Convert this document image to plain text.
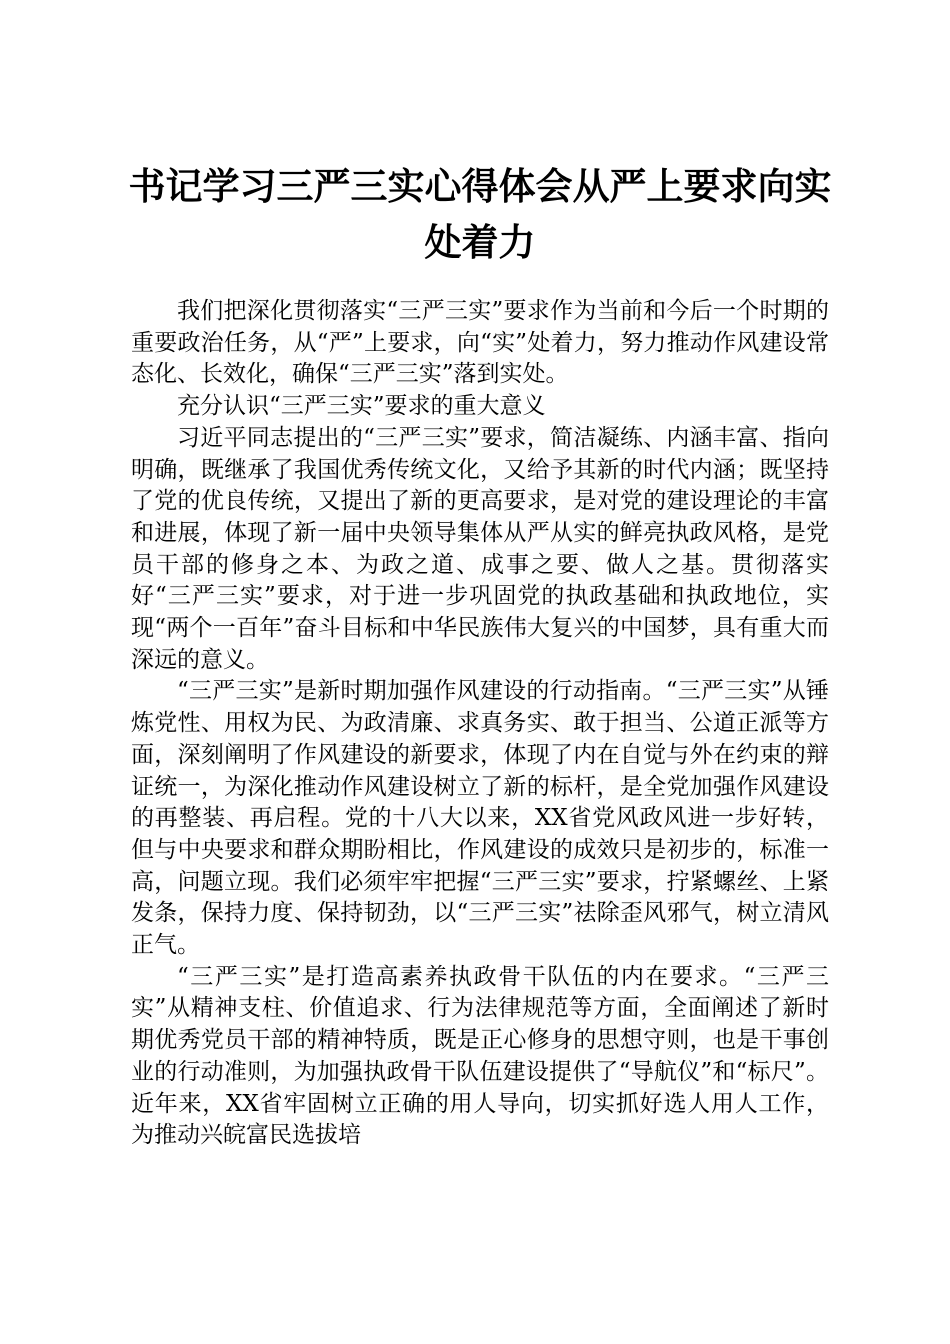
书记学习三严三实心得体会从严上要求向实处着力

我们把深化贯彻落实“三严三实”要求作为当前和今后一个时期的重要政治任务，从“严”上要求，向“实”处着力，努力推动作风建设常态化、长效化，确保“三严三实”落到实处。

充分认识“三严三实”要求的重大意义

习近平同志提出的“三严三实”要求，简洁凝练、内涵丰富、指向明确，既继承了我国优秀传统文化，又给予其新的时代内涵；既坚持了党的优良传统，又提出了新的更高要求，是对党的建设理论的丰富和进展，体现了新一届中央领导集体从严从实的鲜亮执政风格，是党员干部的修身之本、为政之道、成事之要、做人之基。贯彻落实好“三严三实”要求，对于进一步巩固党的执政基础和执政地位，实现“两个一百年”奋斗目标和中华民族伟大复兴的中国梦，具有重大而深远的意义。

“三严三实”是新时期加强作风建设的行动指南。“三严三实”从锤炼党性、用权为民、为政清廉、求真务实、敢于担当、公道正派等方面，深刻阐明了作风建设的新要求，体现了内在自觉与外在约束的辩证统一，为深化推动作风建设树立了新的标杆，是全党加强作风建设的再整装、再启程。党的十八大以来，XX省党风政风进一步好转，但与中央要求和群众期盼相比，作风建设的成效只是初步的，标准一高，问题立现。我们必须牢牢把握“三严三实”要求，拧紧螺丝、上紧发条，保持力度、保持韧劲，以“三严三实”祛除歪风邪气，树立清风正气。

“三严三实”是打造高素养执政骨干队伍的内在要求。“三严三实”从精神支柱、价值追求、行为法律规范等方面，全面阐述了新时期优秀党员干部的精神特质，既是正心修身的思想守则，也是干事创业的行动准则，为加强执政骨干队伍建设提供了“导航仪”和“标尺”。近年来，XX省牢固树立正确的用人导向，切实抓好选人用人工作，为推动兴皖富民选拔培
